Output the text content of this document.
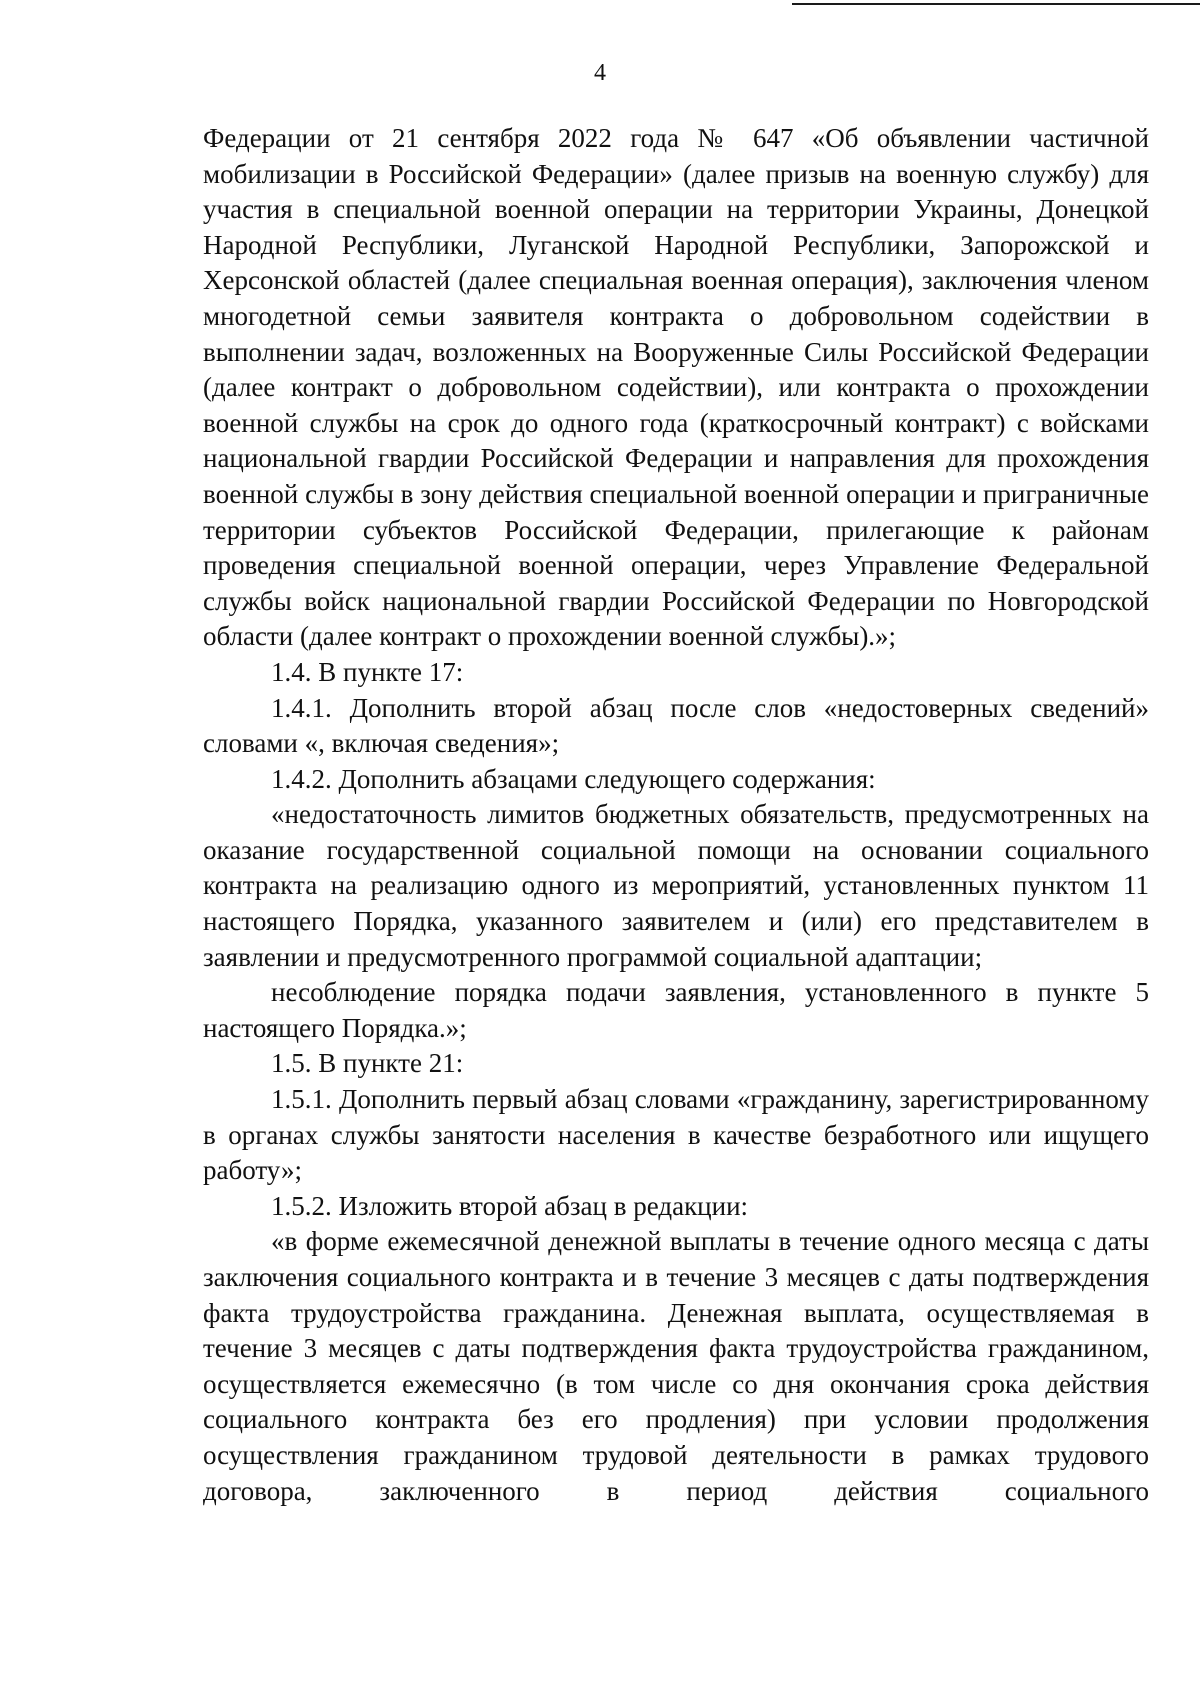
4

Федерации от 21 сентября 2022 года № 647 «Об объявлении частичной мобилизации в Российской Федерации» (далее призыв на военную службу) для участия в специальной военной операции на территории Украины, Донецкой Народной Республики, Луганской Народной Республики, Запорожской и Херсонской областей (далее специальная военная операция), заключения членом многодетной семьи заявителя контракта о добровольном содействии в выполнении задач, возложенных на Вооруженные Силы Российской Федерации (далее контракт о добровольном содействии), или контракта о прохождении военной службы на срок до одного года (краткосрочный контракт) с войсками национальной гвардии Российской Федерации и направления для прохождения военной службы в зону действия специальной военной операции и приграничные территории субъектов Российской Федерации, прилегающие к районам проведения специальной военной операции, через Управление Федеральной службы войск национальной гвардии Российской Федерации по Новгородской области (далее контракт о прохождении военной службы).»;

1.4. В пункте 17:

1.4.1. Дополнить второй абзац после слов «недостоверных сведений» словами «, включая сведения»;

1.4.2. Дополнить абзацами следующего содержания:

«недостаточность лимитов бюджетных обязательств, предусмотренных на оказание государственной социальной помощи на основании социального контракта на реализацию одного из мероприятий, установленных пунктом 11 настоящего Порядка, указанного заявителем и (или) его представителем в заявлении и предусмотренного программой социальной адаптации;

несоблюдение порядка подачи заявления, установленного в пункте 5 настоящего Порядка.»;

1.5. В пункте 21:

1.5.1. Дополнить первый абзац словами «гражданину, зарегистрированному в органах службы занятости населения в качестве безработного или ищущего работу»;

1.5.2. Изложить второй абзац в редакции:

«в форме ежемесячной денежной выплаты в течение одного месяца с даты заключения социального контракта и в течение 3 месяцев с даты подтверждения факта трудоустройства гражданина. Денежная выплата, осуществляемая в течение 3 месяцев с даты подтверждения факта трудоустройства гражданином, осуществляется ежемесячно (в том числе со дня окончания срока действия социального контракта без его продления) при условии продолжения осуществления гражданином трудовой деятельности в рамках трудового договора, заключенного в период действия социального
